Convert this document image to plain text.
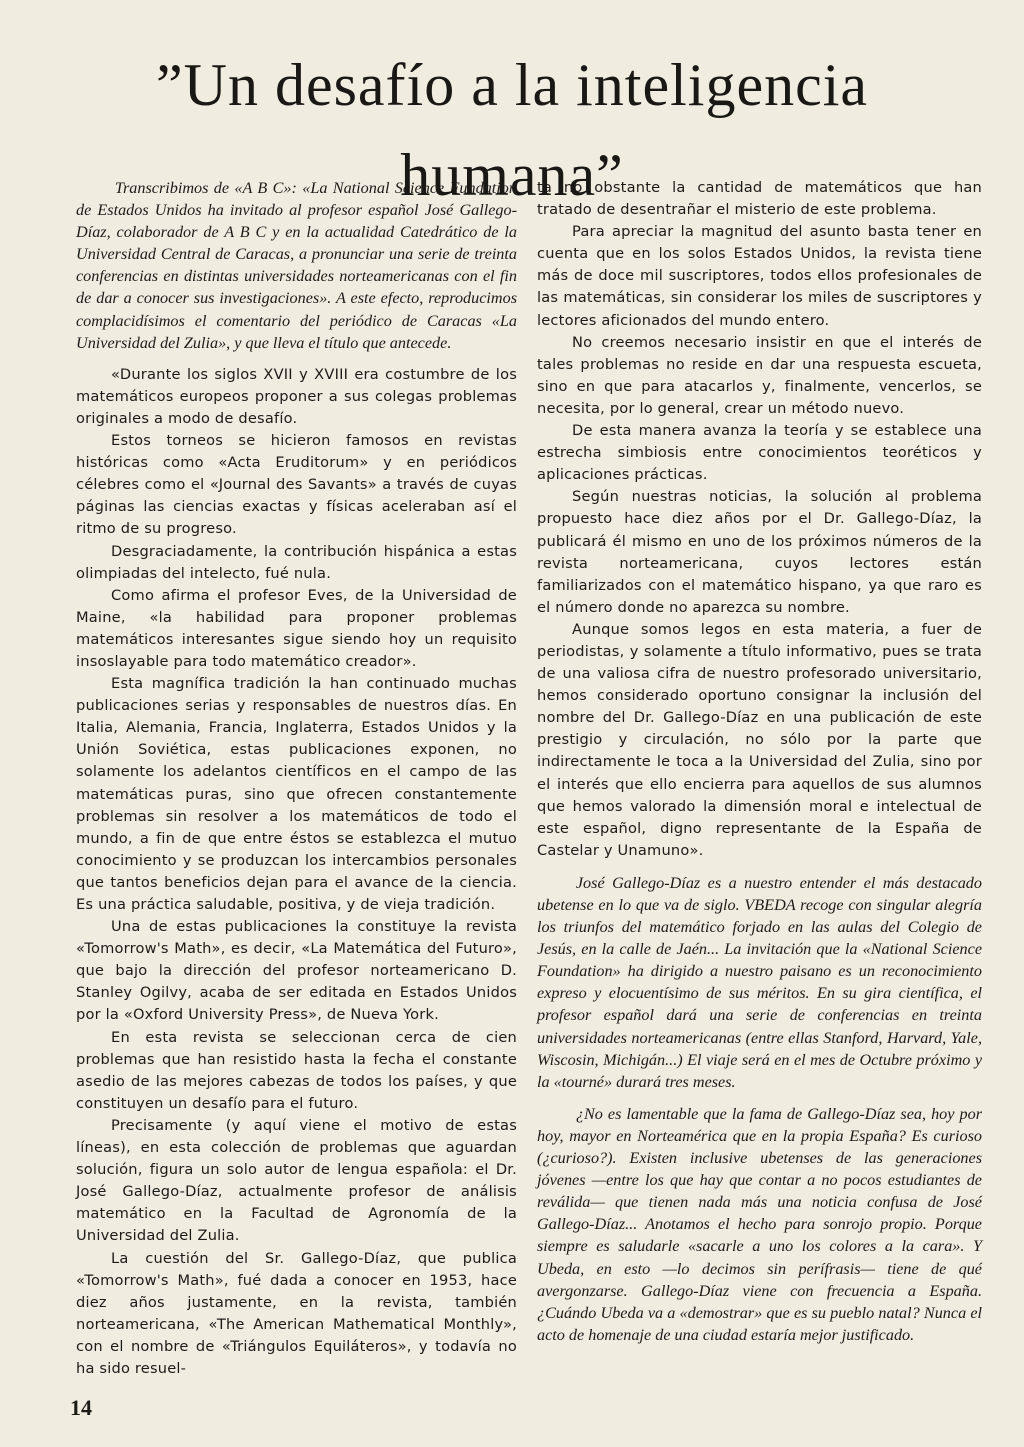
”Un desafío a la inteligencia humana”

Transcribimos de «A B C»: «La National Science Fundation de Estados Unidos ha invitado al profesor español José Gallego-Díaz, colaborador de A B C y en la actualidad Catedrático de la Universidad Central de Caracas, a pronunciar una serie de treinta conferencias en distintas universidades norteamericanas con el fin de dar a conocer sus investigaciones». A este efecto, reproducimos complacidísimos el comentario del periódico de Caracas «La Universidad del Zulia», y que lleva el título que antecede.

«Durante los siglos XVII y XVIII era costumbre de los matemáticos europeos proponer a sus colegas problemas originales a modo de desafío.

Estos torneos se hicieron famosos en revistas históricas como «Acta Eruditorum» y en periódicos célebres como el «Journal des Savants» a través de cuyas páginas las ciencias exactas y físicas aceleraban así el ritmo de su progreso.

Desgraciadamente, la contribución hispánica a estas olimpiadas del intelecto, fué nula.

Como afirma el profesor Eves, de la Universidad de Maine, «la habilidad para proponer problemas matemáticos interesantes sigue siendo hoy un requisito insoslayable para todo matemático creador».

Esta magnífica tradición la han continuado muchas publicaciones serias y responsables de nuestros días. En Italia, Alemania, Francia, Inglaterra, Estados Unidos y la Unión Soviética, estas publicaciones exponen, no solamente los adelantos científicos en el campo de las matemáticas puras, sino que ofrecen constantemente problemas sin resolver a los matemáticos de todo el mundo, a fin de que entre éstos se establezca el mutuo conocimiento y se produzcan los intercambios personales que tantos beneficios dejan para el avance de la ciencia. Es una práctica saludable, positiva, y de vieja tradición.

Una de estas publicaciones la constituye la revista «Tomorrow's Math», es decir, «La Matemática del Futuro», que bajo la dirección del profesor norteamericano D. Stanley Ogilvy, acaba de ser editada en Estados Unidos por la «Oxford University Press», de Nueva York.

En esta revista se seleccionan cerca de cien problemas que han resistido hasta la fecha el constante asedio de las mejores cabezas de todos los países, y que constituyen un desafío para el futuro.

Precisamente (y aquí viene el motivo de estas líneas), en esta colección de problemas que aguardan solución, figura un solo autor de lengua española: el Dr. José Gallego-Díaz, actualmente profesor de análisis matemático en la Facultad de Agronomía de la Universidad del Zulia.

La cuestión del Sr. Gallego-Díaz, que publica «Tomorrow's Math», fué dada a conocer en 1953, hace diez años justamente, en la revista, también norteamericana, «The American Mathematical Monthly», con el nombre de «Triángulos Equiláteros», y todavía no ha sido resuel-

ta no obstante la cantidad de matemáticos que han tratado de desentrañar el misterio de este problema.

Para apreciar la magnitud del asunto basta tener en cuenta que en los solos Estados Unidos, la revista tiene más de doce mil suscriptores, todos ellos profesionales de las matemáticas, sin considerar los miles de suscriptores y lectores aficionados del mundo entero.

No creemos necesario insistir en que el interés de tales problemas no reside en dar una respuesta escueta, sino en que para atacarlos y, finalmente, vencerlos, se necesita, por lo general, crear un método nuevo.

De esta manera avanza la teoría y se establece una estrecha simbiosis entre conocimientos teoréticos y aplicaciones prácticas.

Según nuestras noticias, la solución al problema propuesto hace diez años por el Dr. Gallego-Díaz, la publicará él mismo en uno de los próximos números de la revista norteamericana, cuyos lectores están familiarizados con el matemático hispano, ya que raro es el número donde no aparezca su nombre.

Aunque somos legos en esta materia, a fuer de periodistas, y solamente a título informativo, pues se trata de una valiosa cifra de nuestro profesorado universitario, hemos considerado oportuno consignar la inclusión del nombre del Dr. Gallego-Díaz en una publicación de este prestigio y circulación, no sólo por la parte que indirectamente le toca a la Universidad del Zulia, sino por el interés que ello encierra para aquellos de sus alumnos que hemos valorado la dimensión moral e intelectual de este español, digno representante de la España de Castelar y Unamuno».

José Gallego-Díaz es a nuestro entender el más destacado ubetense en lo que va de siglo. VBEDA recoge con singular alegría los triunfos del matemático forjado en las aulas del Colegio de Jesús, en la calle de Jaén... La invitación que la «National Science Foundation» ha dirigido a nuestro paisano es un reconocimiento expreso y elocuentísimo de sus méritos. En su gira científica, el profesor español dará una serie de conferencias en treinta universidades norteamericanas (entre ellas Stanford, Harvard, Yale, Wiscosin, Michigán...) El viaje será en el mes de Octubre próximo y la «tourné» durará tres meses.

¿No es lamentable que la fama de Gallego-Díaz sea, hoy por hoy, mayor en Norteamérica que en la propia España? Es curioso (¿curioso?). Existen inclusive ubetenses de las generaciones jóvenes —entre los que hay que contar a no pocos estudiantes de reválida— que tienen nada más una noticia confusa de José Gallego-Díaz... Anotamos el hecho para sonrojo propio. Porque siempre es saludarle «sacarle a uno los colores a la cara». Y Ubeda, en esto —lo decimos sin perífrasis— tiene de qué avergonzarse. Gallego-Díaz viene con frecuencia a España. ¿Cuándo Ubeda va a «demostrar» que es su pueblo natal? Nunca el acto de homenaje de una ciudad estaría mejor justificado.

14
